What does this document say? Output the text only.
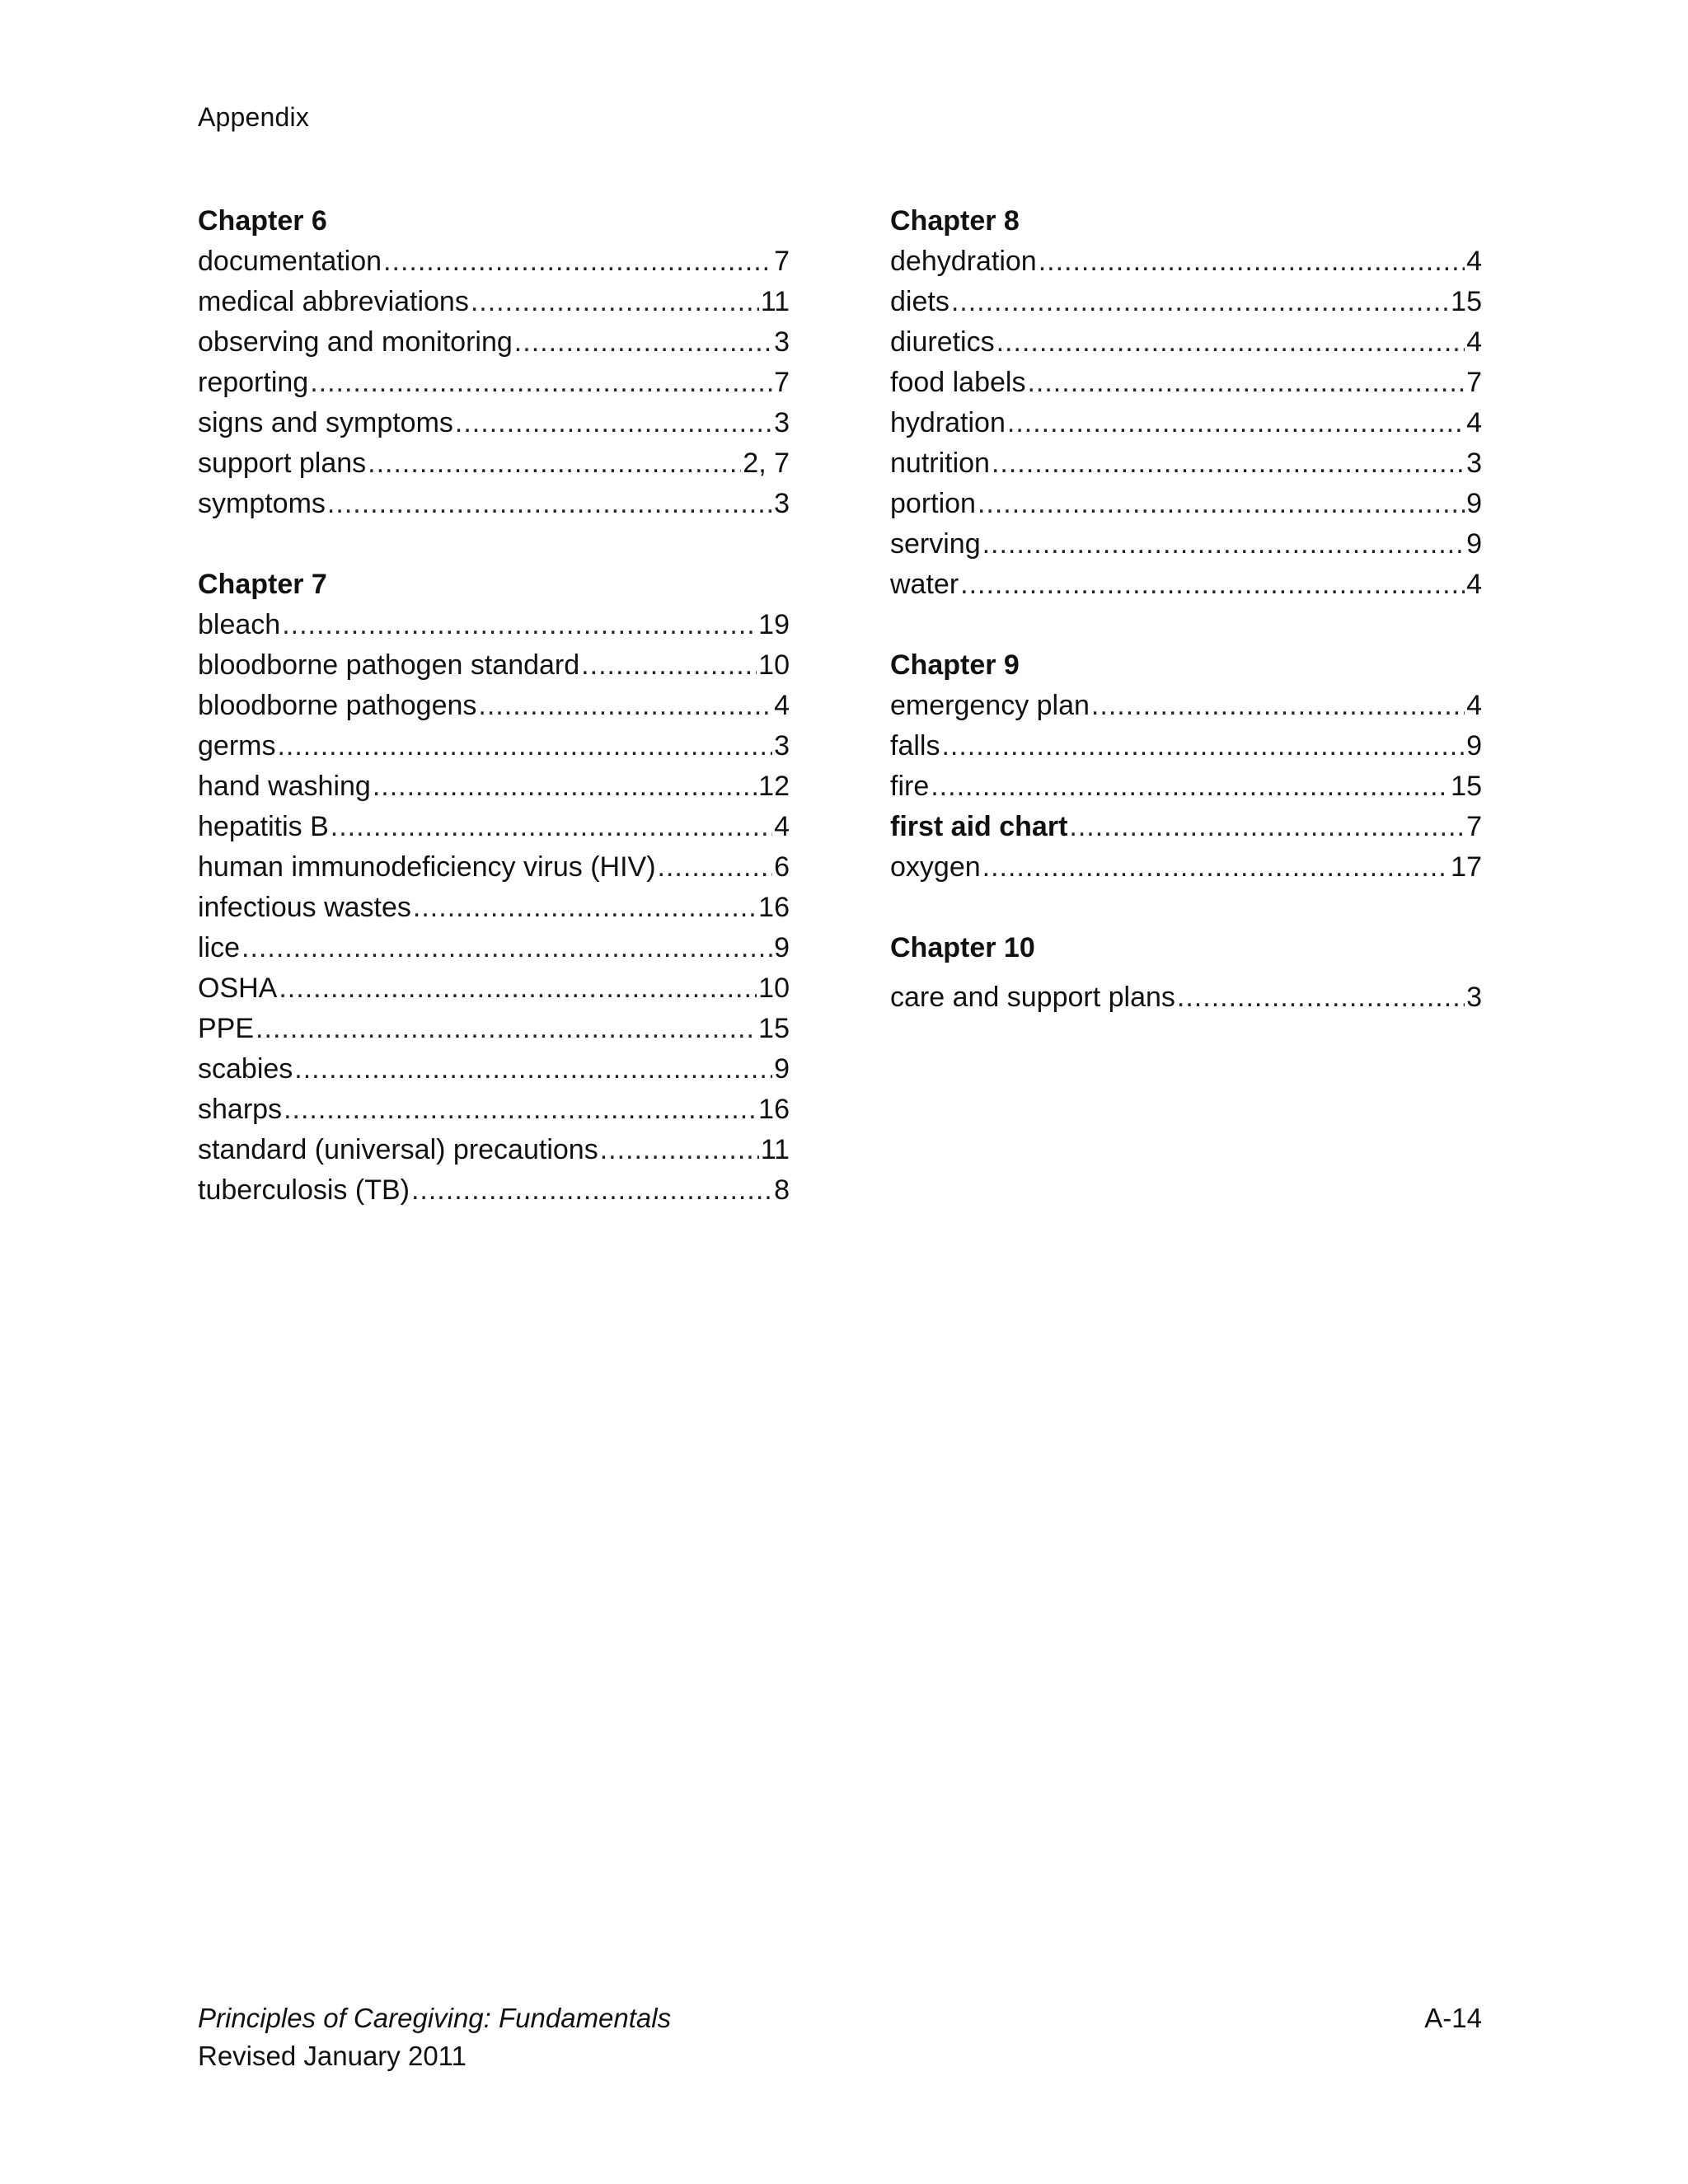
Appendix
Chapter 6
documentation .....	7
medical abbreviations .....	11
observing and monitoring .....	3
reporting .....	7
signs and symptoms .....	3
support plans .....	2, 7
symptoms .....	3
Chapter 7
bleach .....	19
bloodborne pathogen standard .....	10
bloodborne pathogens .....	4
germs .....	3
hand washing .....	12
hepatitis B .....	4
human immunodeficiency virus (HIV) .....	6
infectious wastes .....	16
lice .....	9
OSHA .....	10
PPE .....	15
scabies .....	9
sharps .....	16
standard (universal) precautions .....	11
tuberculosis (TB) .....	8
Chapter 8
dehydration .....	4
diets .....	15
diuretics .....	4
food labels .....	7
hydration .....	4
nutrition .....	3
portion .....	9
serving .....	9
water .....	4
Chapter 9
emergency plan .....	4
falls .....	9
fire .....	15
first aid chart .....	7
oxygen .....	17
Chapter 10
care and support plans .....	3
Principles of Caregiving: Fundamentals
Revised January 2011
A-14
